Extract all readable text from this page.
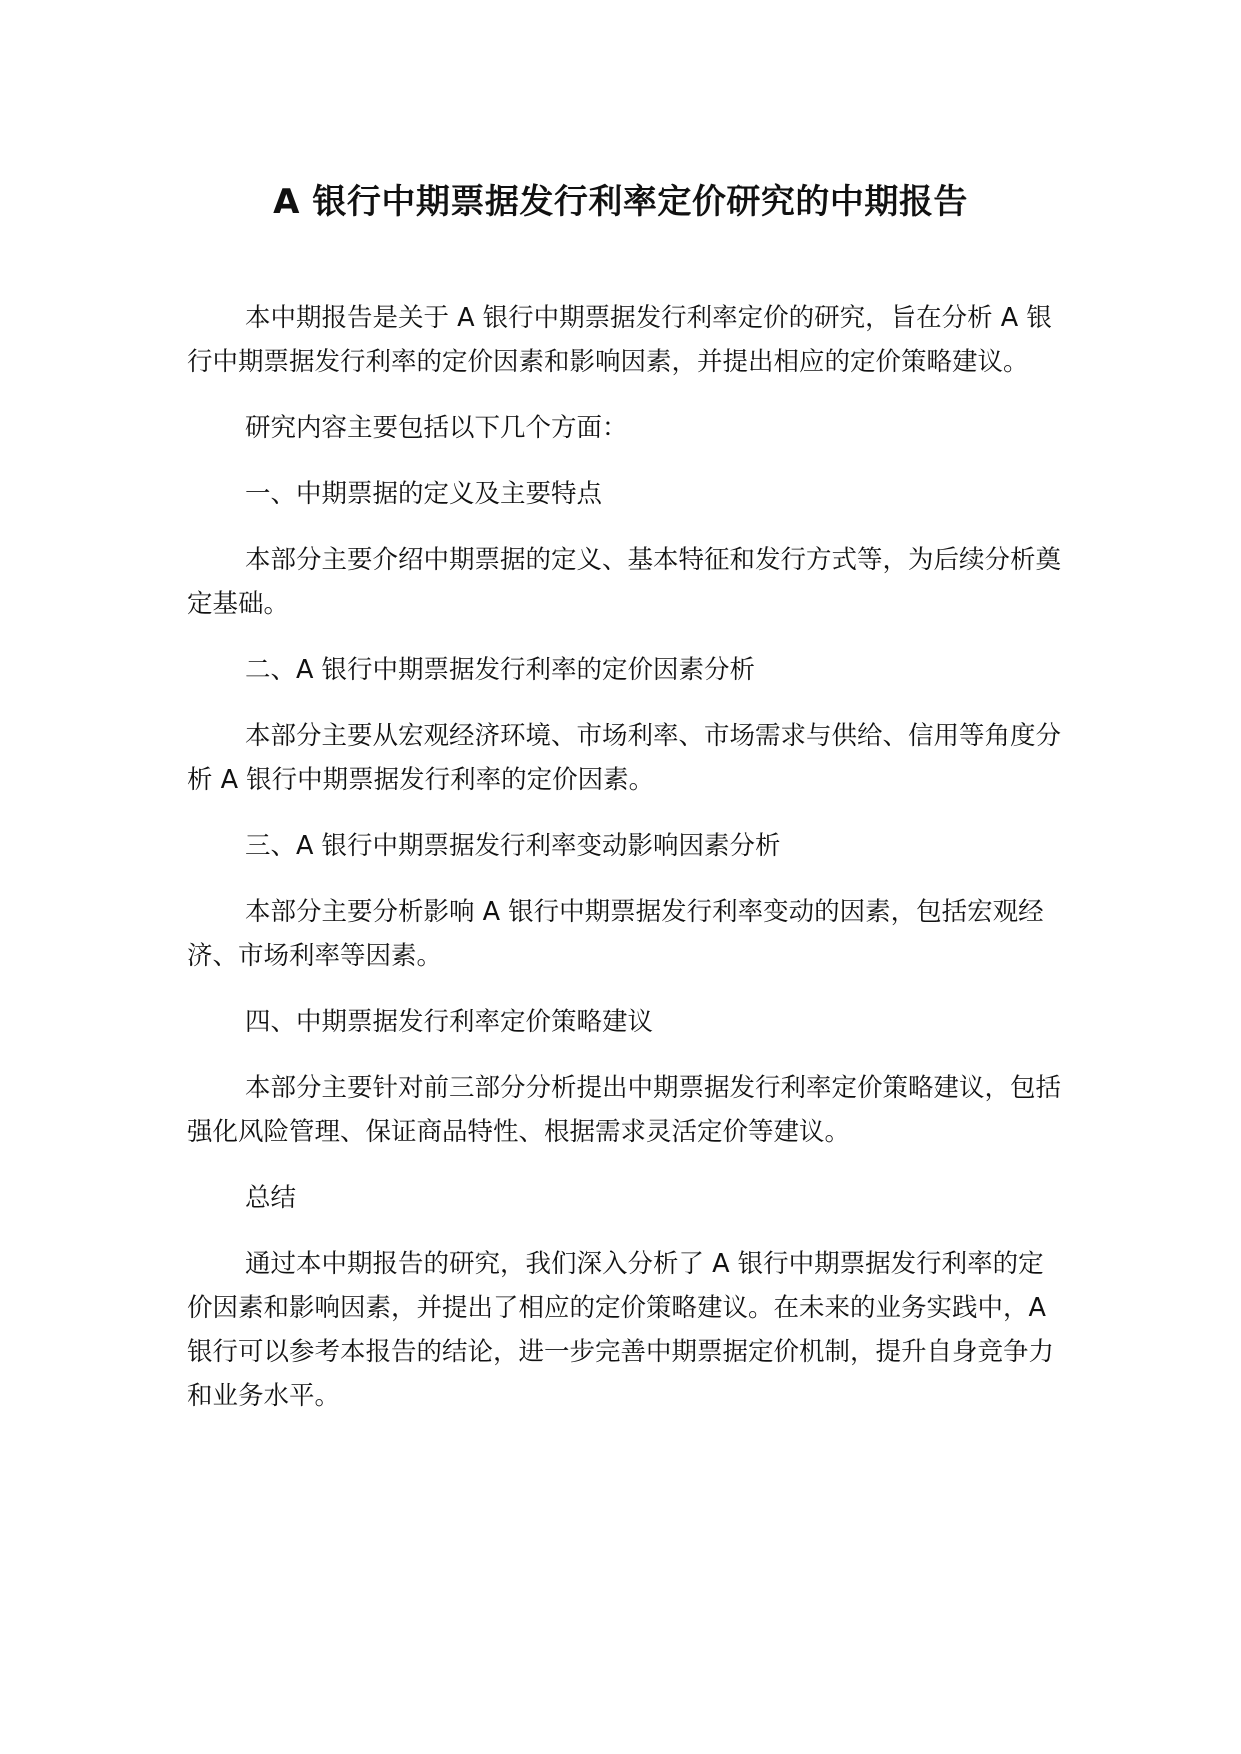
A 银行中期票据发行利率定价研究的中期报告

本中期报告是关于 A 银行中期票据发行利率定价的研究，旨在分析 A 银行中期票据发行利率的定价因素和影响因素，并提出相应的定价策略建议。

研究内容主要包括以下几个方面：

一、中期票据的定义及主要特点

本部分主要介绍中期票据的定义、基本特征和发行方式等，为后续分析奠定基础。

二、A 银行中期票据发行利率的定价因素分析

本部分主要从宏观经济环境、市场利率、市场需求与供给、信用等角度分析 A 银行中期票据发行利率的定价因素。

三、A 银行中期票据发行利率变动影响因素分析

本部分主要分析影响 A 银行中期票据发行利率变动的因素，包括宏观经济、市场利率等因素。

四、中期票据发行利率定价策略建议

本部分主要针对前三部分分析提出中期票据发行利率定价策略建议，包括强化风险管理、保证商品特性、根据需求灵活定价等建议。

总结

通过本中期报告的研究，我们深入分析了 A 银行中期票据发行利率的定价因素和影响因素，并提出了相应的定价策略建议。在未来的业务实践中，A 银行可以参考本报告的结论，进一步完善中期票据定价机制，提升自身竞争力和业务水平。
